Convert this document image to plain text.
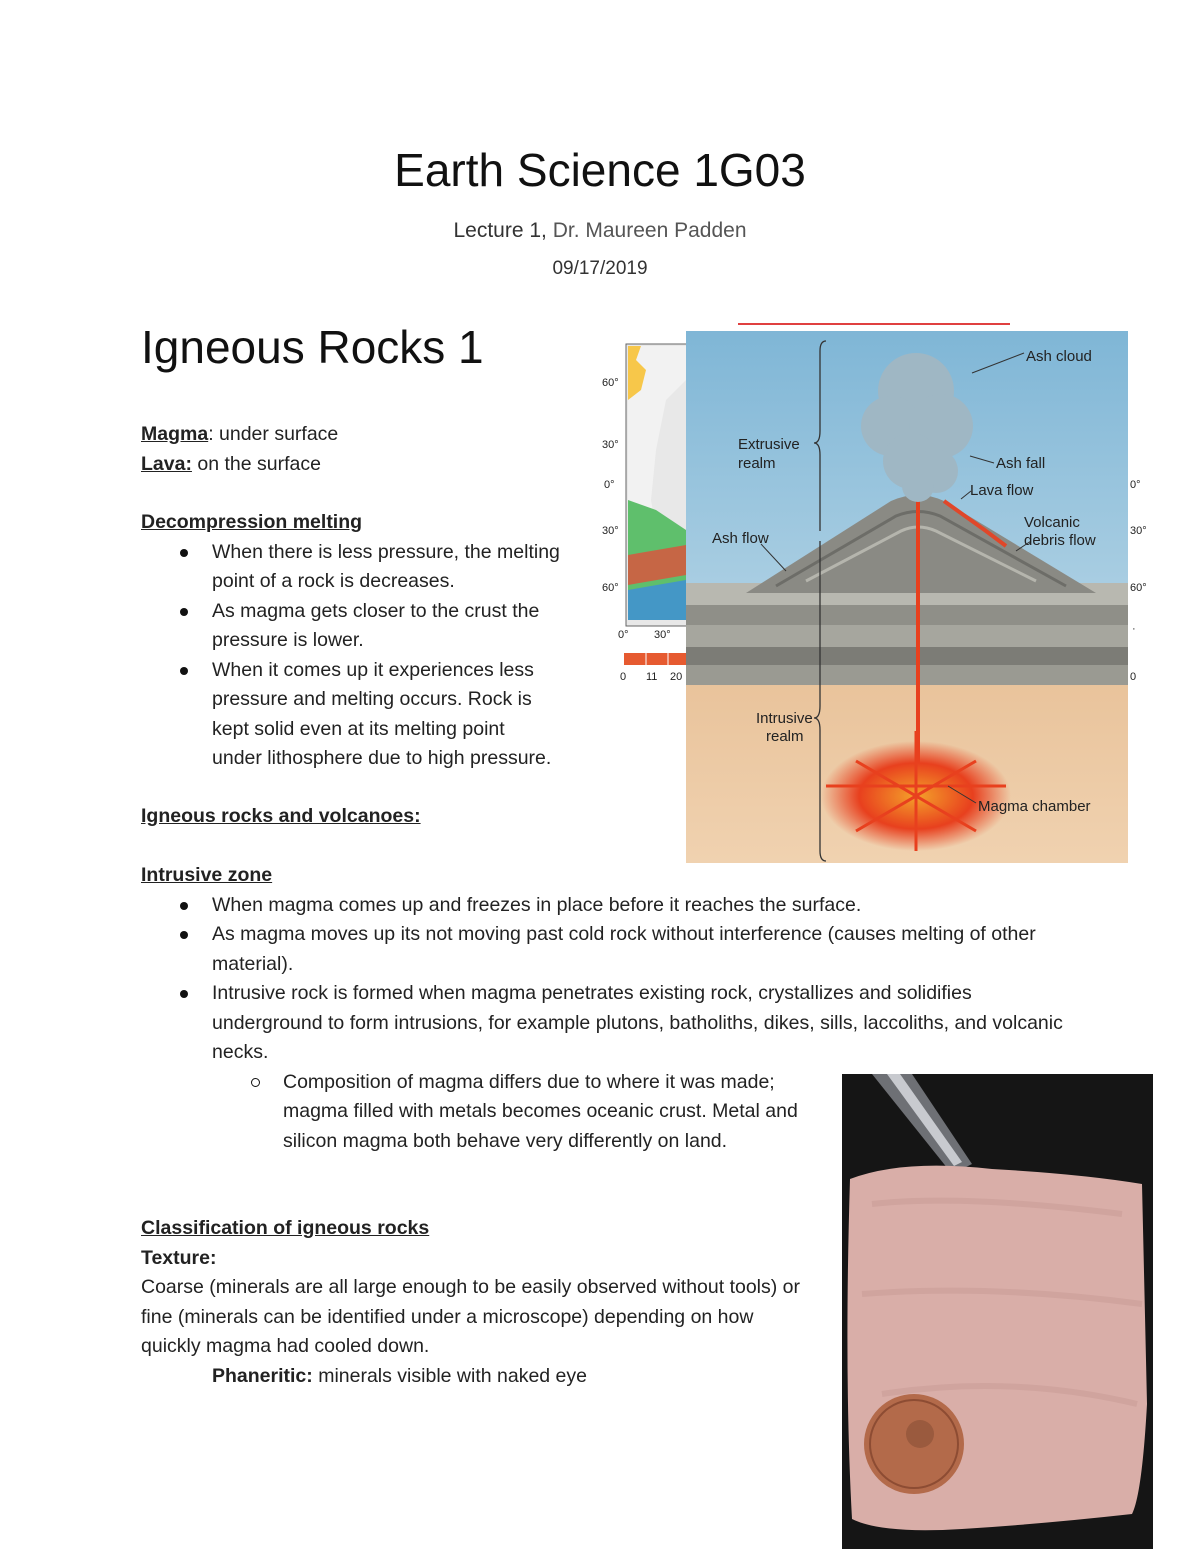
Earth Science 1G03
Lecture 1, Dr. Maureen Padden
09/17/2019
Igneous Rocks 1
Magma: under surface
Lava: on the surface
Decompression melting
When there is less pressure, the melting point of a rock is decreases.
As magma gets closer to the crust the pressure is lower.
When it comes up it experiences less pressure and melting occurs. Rock is kept solid even at its melting point under lithosphere due to high pressure.
Igneous rocks and volcanoes:
Intrusive zone
When magma comes up and freezes in place before it reaches the surface.
As magma moves up its not moving past cold rock without interference (causes melting of other material).
Intrusive rock is formed when magma penetrates existing rock, crystallizes and solidifies underground to form intrusions, for example plutons, batholiths, dikes, sills, laccoliths, and volcanic necks.
Composition of magma differs due to where it was made; magma filled with metals becomes oceanic crust. Metal and silicon magma both behave very differently on land.
Classification of igneous rocks
Texture:
Coarse (minerals are all large enough to be easily observed without tools) or fine (minerals can be identified under a microscope) depending on how quickly magma had cooled down.
Phaneritic: minerals visible with naked eye
60°
30°
0°
30°
60°
0° 30°
0 11 20
0°
30°
60°
·
0
Ash cloud
Extrusive
realm	Ash fall
Lava flow
Ash flow
Volcanic
debris flow
Intrusive
realm
Magma chamber
